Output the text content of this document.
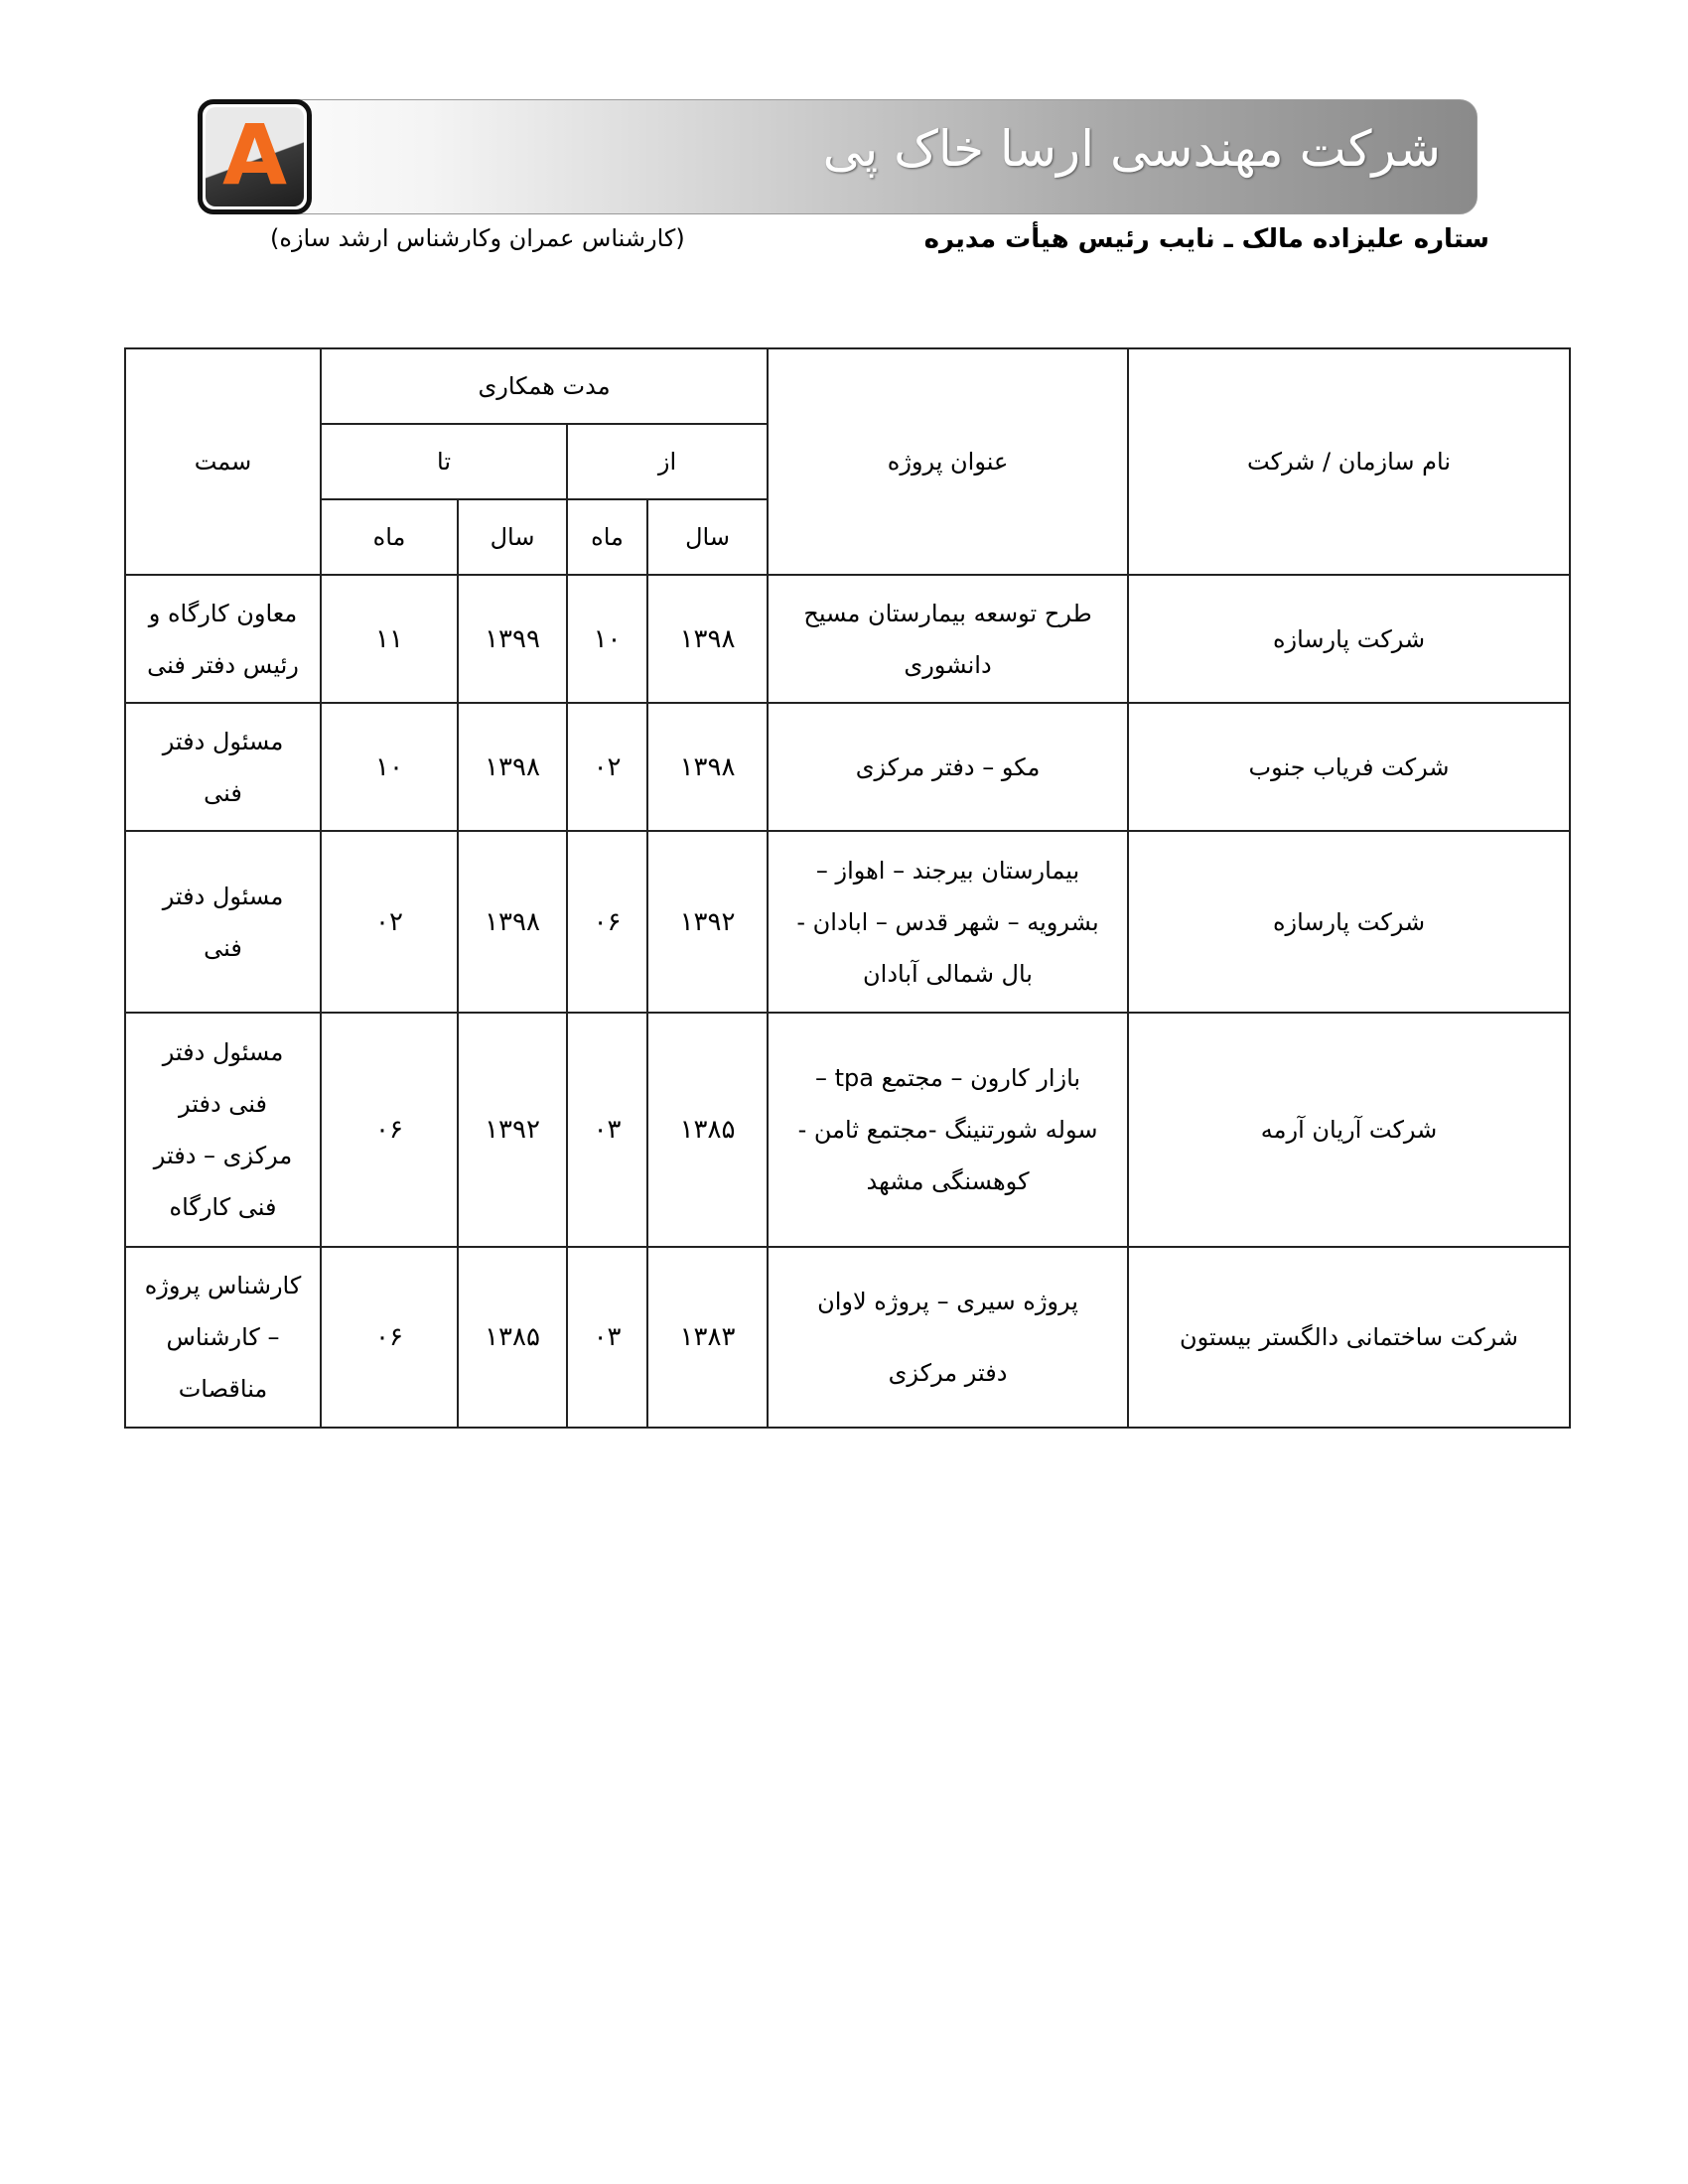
شرکت مهندسی ارسا خاک پی
A
ستاره علیزاده مالک ـ نایب رئیس هیأت مدیره
(کارشناس عمران وکارشناس ارشد سازه)
نام سازمان / شرکت	عنوان پروژه	مدت همکاری				سمت
		از		تا		
		سال	ماه	سال	ماه	
شرکت پارسازه	طرح توسعه بیمارستان مسیح
دانشوری	۱۳۹۸	۱۰	۱۳۹۹	۱۱	معاون کارگاه و
رئیس دفتر فنی
شرکت فریاب جنوب	مکو – دفتر مرکزی	۱۳۹۸	۰۲	۱۳۹۸	۱۰	مسئول دفتر
فنی
شرکت پارسازه	بیمارستان بیرجند – اهواز –
بشرویه – شهر قدس – ابادان -
بال شمالی آبادان	۱۳۹۲	۰۶	۱۳۹۸	۰۲	مسئول دفتر
فنی
شرکت آریان آرمه	بازار کارون – مجتمع tpa –
سوله شورتنینگ -مجتمع ثامن -
کوهسنگی مشهد	۱۳۸۵	۰۳	۱۳۹۲	۰۶	مسئول دفتر
فنی دفتر
مرکزی – دفتر
فنی کارگاه
شرکت ساختمانی دالگستر بیستون	پروژه سیری – پروژه لاوان
دفتر مرکزی	۱۳۸۳	۰۳	۱۳۸۵	۰۶	کارشناس پروژه
– کارشناس
مناقصات
